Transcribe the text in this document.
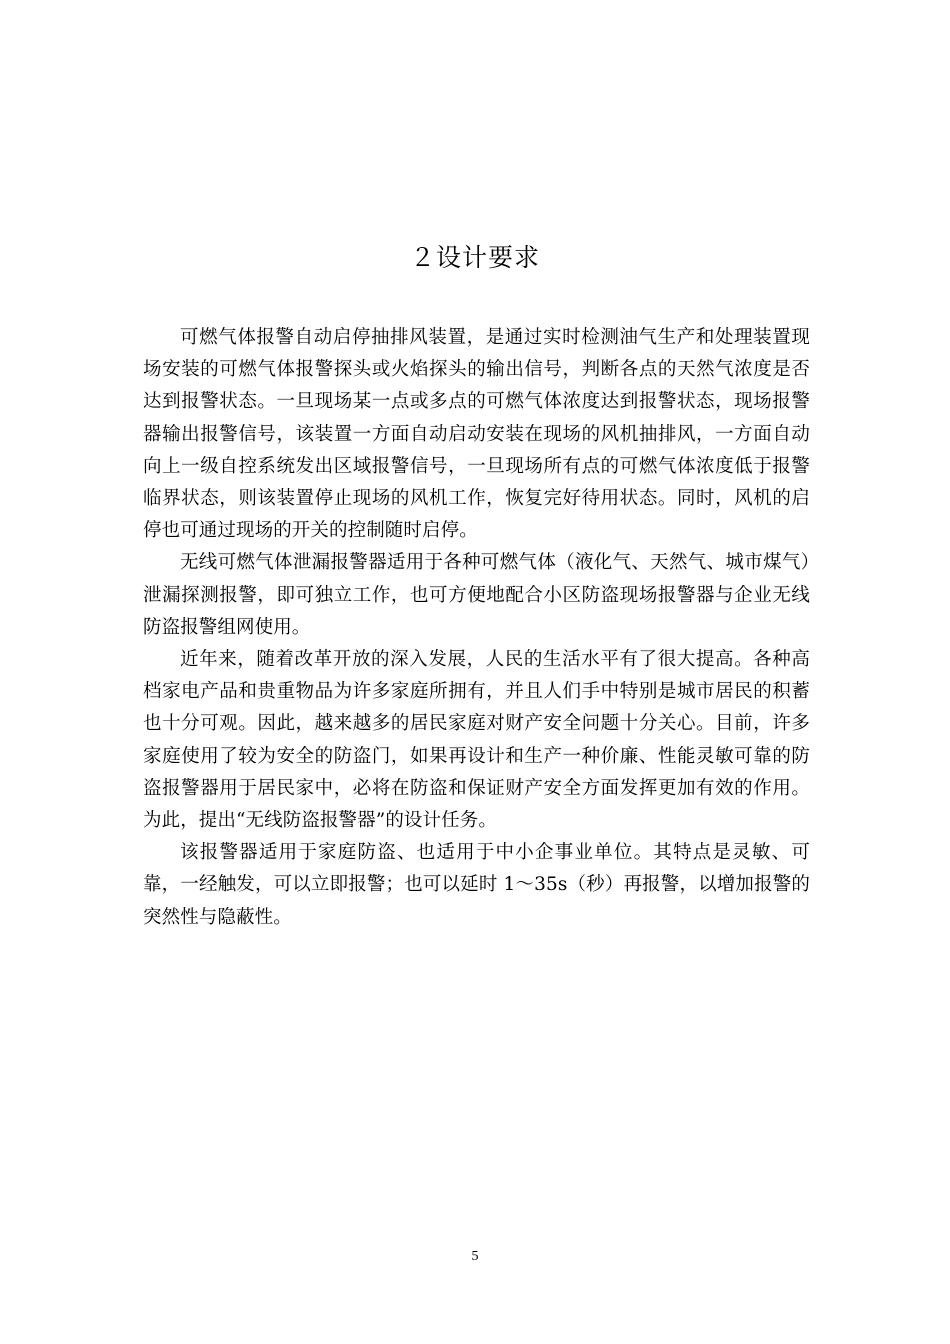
２设计要求

可燃气体报警自动启停抽排风装置，是通过实时检测油气生产和处理装置现场安装的可燃气体报警探头或火焰探头的输出信号，判断各点的天然气浓度是否达到报警状态。一旦现场某一点或多点的可燃气体浓度达到报警状态，现场报警器输出报警信号，该装置一方面自动启动安装在现场的风机抽排风，一方面自动向上一级自控系统发出区域报警信号，一旦现场所有点的可燃气体浓度低于报警临界状态，则该装置停止现场的风机工作，恢复完好待用状态。同时，风机的启停也可通过现场的开关的控制随时启停。

无线可燃气体泄漏报警器适用于各种可燃气体（液化气、天然气、城市煤气）泄漏探测报警，即可独立工作，也可方便地配合小区防盗现场报警器与企业无线防盗报警组网使用。

近年来，随着改革开放的深入发展，人民的生活水平有了很大提高。各种高档家电产品和贵重物品为许多家庭所拥有，并且人们手中特别是城市居民的积蓄也十分可观。因此，越来越多的居民家庭对财产安全问题十分关心。目前，许多家庭使用了较为安全的防盗门，如果再设计和生产一种价廉、性能灵敏可靠的防盗报警器用于居民家中，必将在防盗和保证财产安全方面发挥更加有效的作用。为此，提出“无线防盗报警器”的设计任务。

该报警器适用于家庭防盗、也适用于中小企事业单位。其特点是灵敏、可靠，一经触发，可以立即报警；也可以延时 1～35s（秒）再报警，以增加报警的突然性与隐蔽性。

5
